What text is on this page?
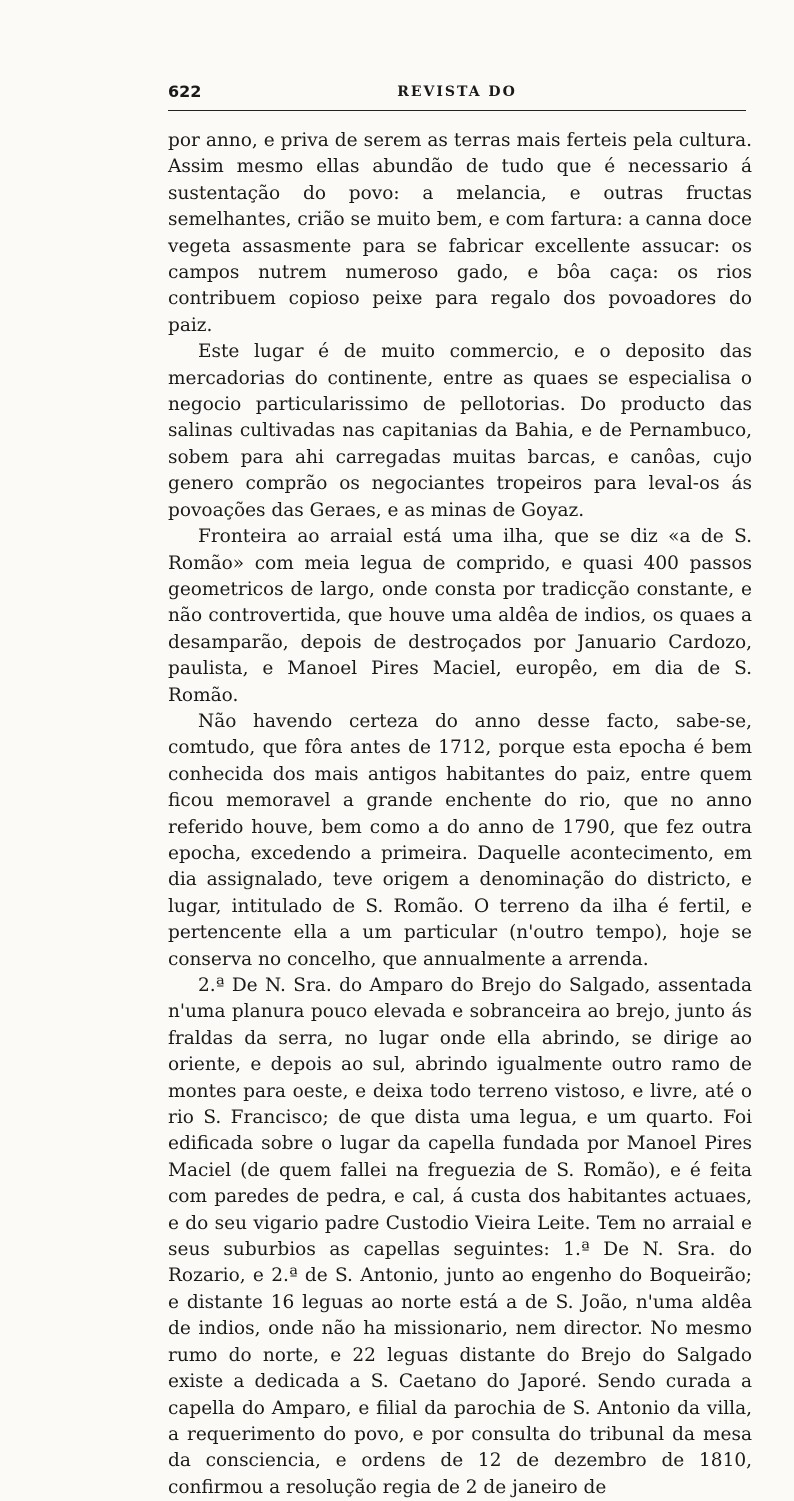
622	REVISTA DO

por anno, e priva de serem as terras mais ferteis pela cultura. Assim mesmo ellas abundão de tudo que é necessario á sustentação do povo: a melancia, e outras fructas semelhantes, crião se muito bem, e com fartura: a canna doce vegeta assasmente para se fabricar excellente assucar: os campos nutrem numeroso gado, e bôa caça: os rios contribuem copioso peixe para regalo dos povoadores do paiz.

Este lugar é de muito commercio, e o deposito das mercadorias do continente, entre as quaes se especialisa o negocio particularissimo de pellotorias. Do producto das salinas cultivadas nas capitanias da Bahia, e de Pernambuco, sobem para ahi carregadas muitas barcas, e canôas, cujo genero comprão os negociantes tropeiros para leval-os ás povoações das Geraes, e as minas de Goyaz.

Fronteira ao arraial está uma ilha, que se diz «a de S. Romão» com meia legua de comprido, e quasi 400 passos geometricos de largo, onde consta por tradicção constante, e não controvertida, que houve uma aldêa de indios, os quaes a desamparão, depois de destroçados por Januario Cardozo, paulista, e Manoel Pires Maciel, europêo, em dia de S. Romão.

Não havendo certeza do anno desse facto, sabe-se, comtudo, que fôra antes de 1712, porque esta epocha é bem conhecida dos mais antigos habitantes do paiz, entre quem ficou memoravel a grande enchente do rio, que no anno referido houve, bem como a do anno de 1790, que fez outra epocha, excedendo a primeira. Daquelle acontecimento, em dia assignalado, teve origem a denominação do districto, e lugar, intitulado de S. Romão. O terreno da ilha é fertil, e pertencente ella a um particular (n'outro tempo), hoje se conserva no concelho, que annualmente a arrenda.

2.ª De N. Sra. do Amparo do Brejo do Salgado, assentada n'uma planura pouco elevada e sobranceira ao brejo, junto ás fraldas da serra, no lugar onde ella abrindo, se dirige ao oriente, e depois ao sul, abrindo igualmente outro ramo de montes para oeste, e deixa todo terreno vistoso, e livre, até o rio S. Francisco; de que dista uma legua, e um quarto. Foi edificada sobre o lugar da capella fundada por Manoel Pires Maciel (de quem fallei na freguezia de S. Romão), e é feita com paredes de pedra, e cal, á custa dos habitantes actuaes, e do seu vigario padre Custodio Vieira Leite. Tem no arraial e seus suburbios as capellas seguintes: 1.ª De N. Sra. do Rozario, e 2.ª de S. Antonio, junto ao engenho do Boqueirão; e distante 16 leguas ao norte está a de S. João, n'uma aldêa de indios, onde não ha missionario, nem director. No mesmo rumo do norte, e 22 leguas distante do Brejo do Salgado existe a dedicada a S. Caetano do Japoré. Sendo curada a capella do Amparo, e filial da parochia de S. Antonio da villa, a requerimento do povo, e por consulta do tribunal da mesa da consciencia, e ordens de 12 de dezembro de 1810, confirmou a resolução regia de 2 de janeiro de
